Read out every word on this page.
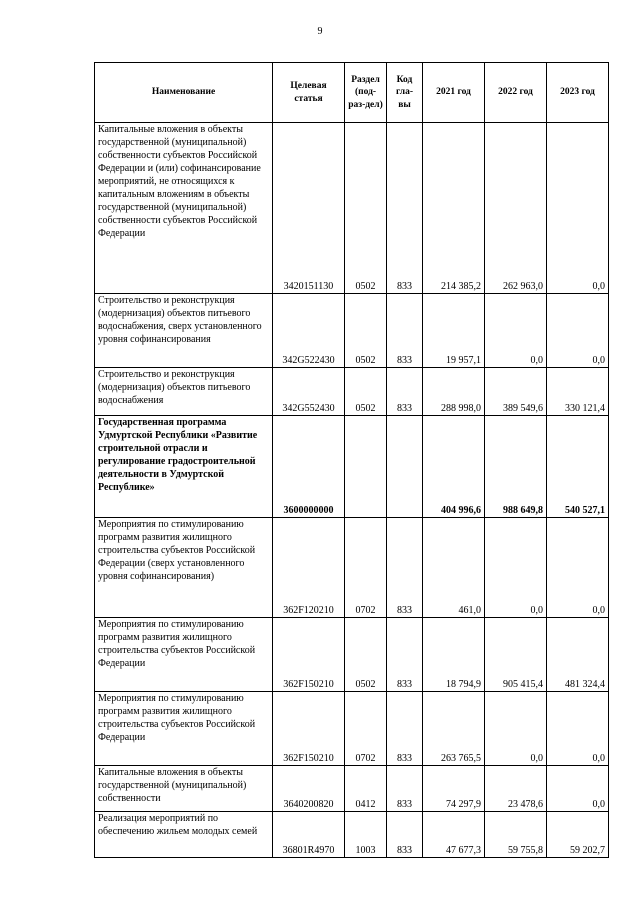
9
Наименование	Целевая статья	Раздел (под-раз-дел)	Код гла-вы	2021 год	2022 год	2023 год
Капитальные вложения в объекты государственной (муниципальной) собственности субъектов Российской Федерации и (или) софинансирование мероприятий, не относящихся к капитальным вложениям в объекты государственной (муниципальной) собственности субъектов Российской Федерации	3420151130	0502	833	214 385,2	262 963,0	0,0
Строительство и реконструкция (модернизация) объектов питьевого водоснабжения, сверх установленного уровня софинансирования	342G522430	0502	833	19 957,1	0,0	0,0
Строительство и реконструкция (модернизация) объектов питьевого водоснабжения	342G552430	0502	833	288 998,0	389 549,6	330 121,4
Государственная программа Удмуртской Республики «Развитие строительной отрасли и регулирование градостроительной деятельности в Удмуртской Республике»	3600000000			404 996,6	988 649,8	540 527,1
Мероприятия по стимулированию программ развития жилищного строительства субъектов Российской Федерации (сверх установленного уровня софинансирования)	362F120210	0702	833	461,0	0,0	0,0
Мероприятия по стимулированию программ развития жилищного строительства субъектов Российской Федерации	362F150210	0502	833	18 794,9	905 415,4	481 324,4
Мероприятия по стимулированию программ развития жилищного строительства субъектов Российской Федерации	362F150210	0702	833	263 765,5	0,0	0,0
Капитальные вложения в объекты государственной (муниципальной) собственности	3640200820	0412	833	74 297,9	23 478,6	0,0
Реализация мероприятий по обеспечению жильем молодых семей	36801R4970	1003	833	47 677,3	59 755,8	59 202,7
